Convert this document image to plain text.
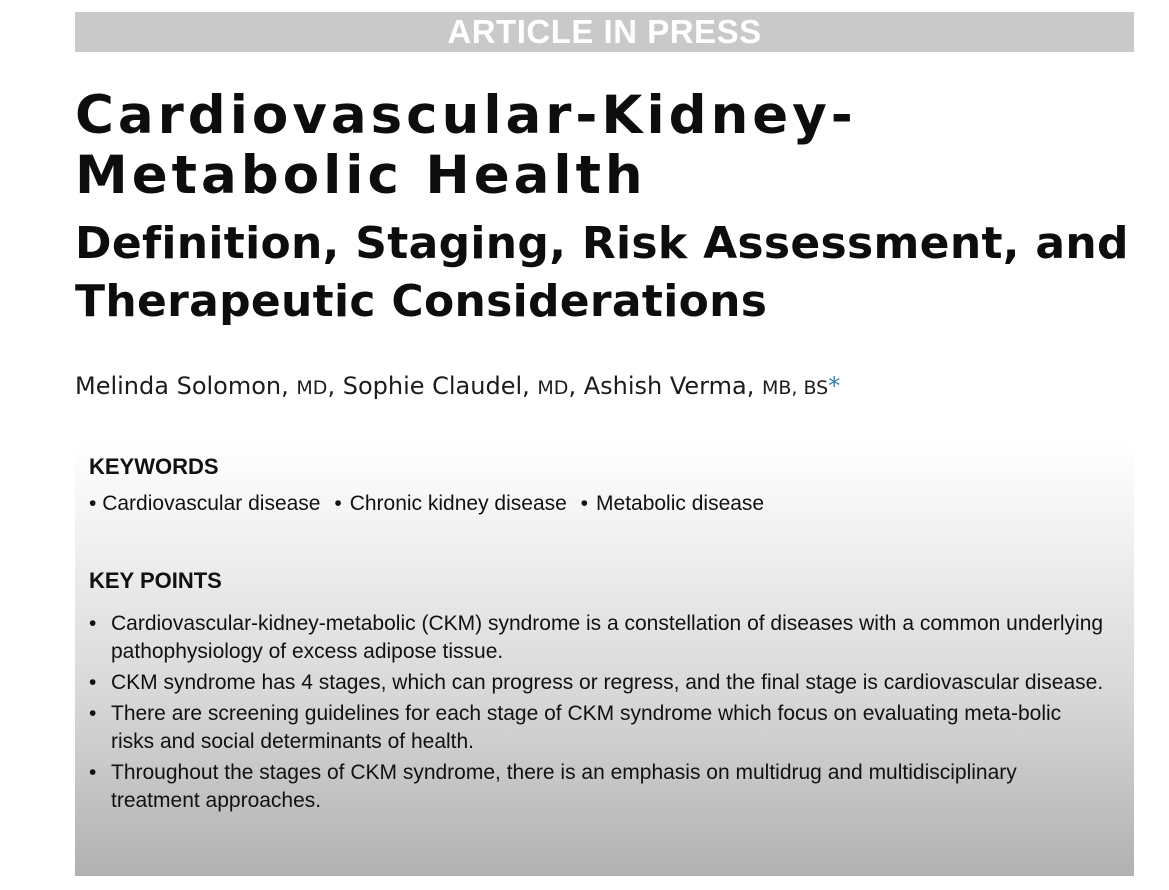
ARTICLE IN PRESS
Cardiovascular-Kidney-
Metabolic Health
Definition, Staging, Risk Assessment, and
Therapeutic Considerations
Melinda Solomon, MD, Sophie Claudel, MD, Ashish Verma, MB, BS*
KEYWORDS
• Cardiovascular disease • Chronic kidney disease • Metabolic disease
KEY POINTS
• Cardiovascular-kidney-metabolic (CKM) syndrome is a constellation of diseases with a common underlying pathophysiology of excess adipose tissue.
• CKM syndrome has 4 stages, which can progress or regress, and the final stage is cardiovascular disease.
• There are screening guidelines for each stage of CKM syndrome which focus on evaluating meta-bolic risks and social determinants of health.
• Throughout the stages of CKM syndrome, there is an emphasis on multidrug and multidisciplinary treatment approaches.
